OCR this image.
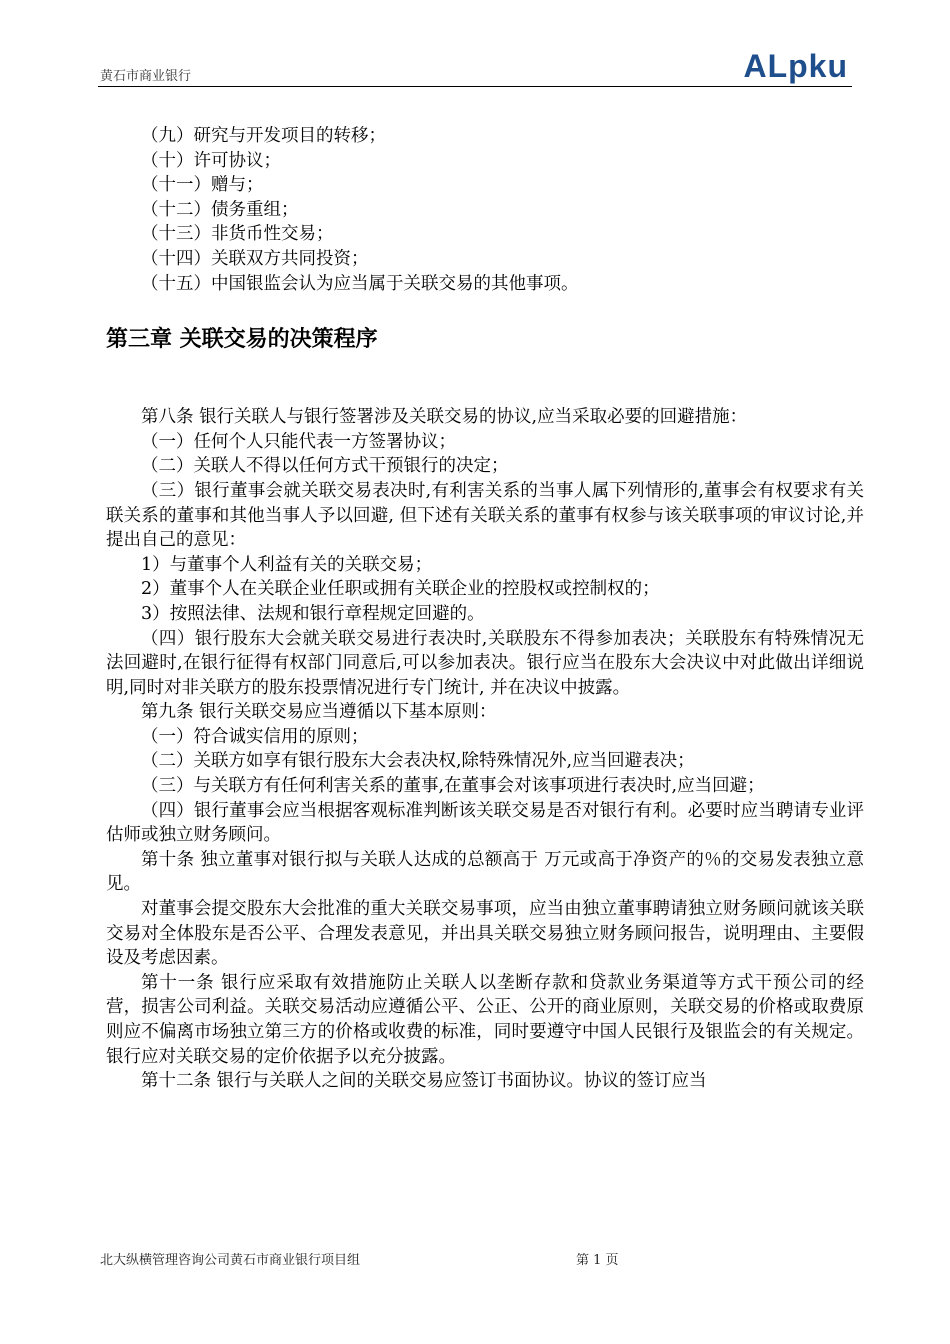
黄石市商业银行	ALpku

（九）研究与开发项目的转移；

（十）许可协议；

（十一）赠与；

（十二）债务重组；

（十三）非货币性交易；

（十四）关联双方共同投资；

（十五）中国银监会认为应当属于关联交易的其他事项。

第三章 关联交易的决策程序

第八条 银行关联人与银行签署涉及关联交易的协议,应当采取必要的回避措施：

（一）任何个人只能代表一方签署协议；

（二）关联人不得以任何方式干预银行的决定；

（三）银行董事会就关联交易表决时,有利害关系的当事人属下列情形的,董事会有权要求有关联关系的董事和其他当事人予以回避, 但下述有关联关系的董事有权参与该关联事项的审议讨论,并提出自己的意见：

1）与董事个人利益有关的关联交易；

2）董事个人在关联企业任职或拥有关联企业的控股权或控制权的；

3）按照法律、法规和银行章程规定回避的。

（四）银行股东大会就关联交易进行表决时,关联股东不得参加表决；关联股东有特殊情况无法回避时,在银行征得有权部门同意后,可以参加表决。银行应当在股东大会决议中对此做出详细说明,同时对非关联方的股东投票情况进行专门统计, 并在决议中披露。

第九条 银行关联交易应当遵循以下基本原则：

（一）符合诚实信用的原则；

（二）关联方如享有银行股东大会表决权,除特殊情况外,应当回避表决；

（三）与关联方有任何利害关系的董事,在董事会对该事项进行表决时,应当回避；

（四）银行董事会应当根据客观标准判断该关联交易是否对银行有利。必要时应当聘请专业评估师或独立财务顾问。

第十条 独立董事对银行拟与关联人达成的总额高于 万元或高于净资产的％的交易发表独立意见。

对董事会提交股东大会批准的重大关联交易事项，应当由独立董事聘请独立财务顾问就该关联交易对全体股东是否公平、合理发表意见，并出具关联交易独立财务顾问报告，说明理由、主要假设及考虑因素。

第十一条 银行应采取有效措施防止关联人以垄断存款和贷款业务渠道等方式干预公司的经营，损害公司利益。关联交易活动应遵循公平、公正、公开的商业原则，关联交易的价格或取费原则应不偏离市场独立第三方的价格或收费的标准，同时要遵守中国人民银行及银监会的有关规定。银行应对关联交易的定价依据予以充分披露。

第十二条 银行与关联人之间的关联交易应签订书面协议。协议的签订应当

北大纵横管理咨询公司黄石市商业银行项目组	第 1 页
